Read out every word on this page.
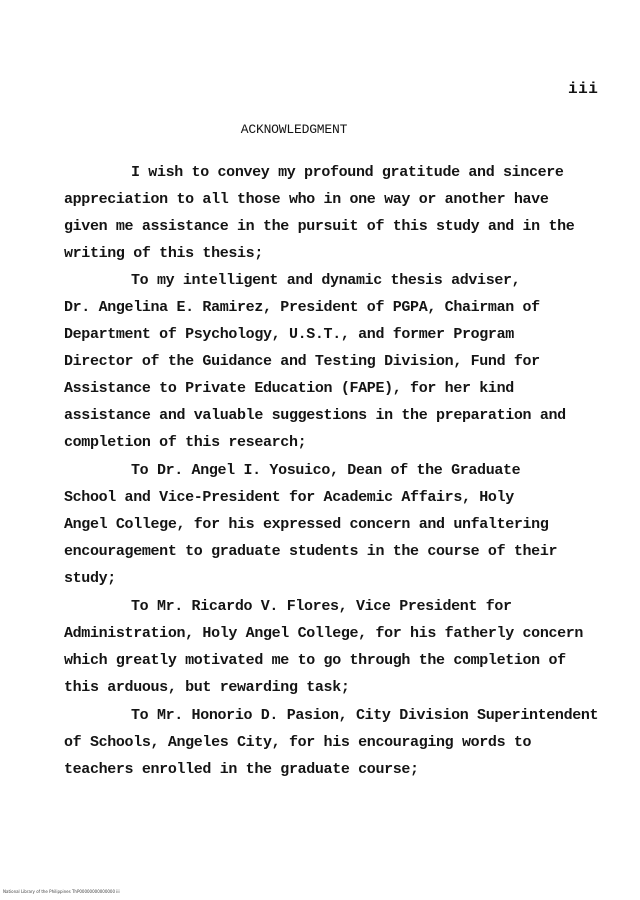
iii
ACKNOWLEDGMENT
I wish to convey my profound gratitude and sincere
appreciation to all those who in one way or another have
given me assistance in the pursuit of this study and in the
writing of this thesis;
To my intelligent and dynamic thesis adviser,
Dr. Angelina E. Ramirez, President of PGPA, Chairman of
Department of Psychology, U.S.T., and former Program
Director of the Guidance and Testing Division, Fund for
Assistance to Private Education (FAPE), for her kind
assistance and valuable suggestions in the preparation and
completion of this research;
To Dr. Angel I. Yosuico, Dean of the Graduate
School and Vice-President for Academic Affairs, Holy
Angel College, for his expressed concern and unfaltering
encouragement to graduate students in the course of their
study;
To Mr. Ricardo V. Flores, Vice President for
Administration, Holy Angel College, for his fatherly concern
which greatly motivated me to go through the completion of
this arduous, but rewarding task;
To Mr. Honorio D. Pasion, City Division Superintendent
of Schools, Angeles City, for his encouraging words to
teachers enrolled in the graduate course;
National Library of the Philippines ThP00000000000000 iii
